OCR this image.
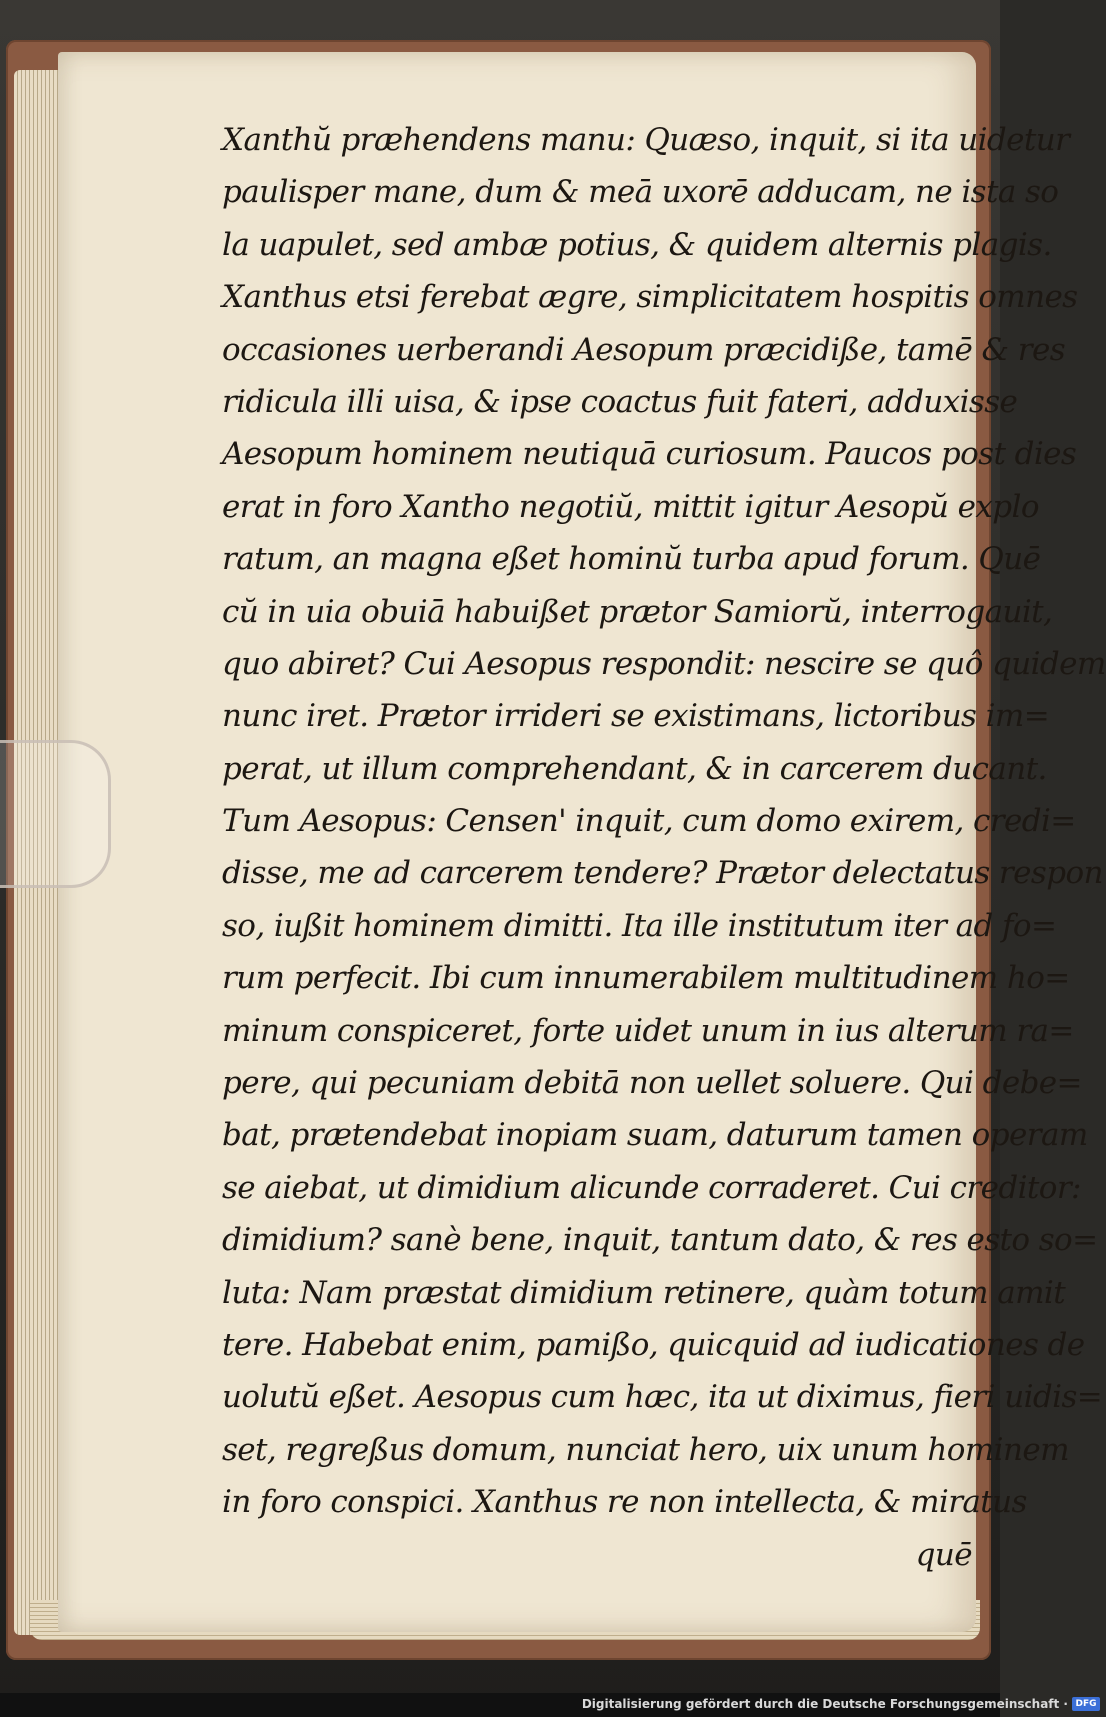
Xanthŭ præhendens manu: Quæso, inquit, si ita uidetur
paulisper mane, dum & meā uxorē adducam, ne ista so
la uapulet, sed ambæ potius, & quidem alternis plagis.
Xanthus etsi ferebat ægre, simplicitatem hospitis omnes
occasiones uerberandi Aesopum præcidiße, tamē & res
ridicula illi uisa, & ipse coactus fuit fateri, adduxisse
Aesopum hominem neutiquā curiosum. Paucos post dies
erat in foro Xantho negotiŭ, mittit igitur Aesopŭ explo
ratum, an magna eßet hominŭ turba apud forum. Quē
cŭ in uia obuiā habuißet prætor Samiorŭ, interrogauit,
quo abiret? Cui Aesopus respondit: nescire se quô quidem
nunc iret. Prætor irrideri se existimans, lictoribus im=
perat, ut illum comprehendant, & in carcerem ducant.
Tum Aesopus: Censen' inquit, cum domo exirem, credi=
disse, me ad carcerem tendere? Prætor delectatus respon
so, iußit hominem dimitti. Ita ille institutum iter ad fo=
rum perfecit. Ibi cum innumerabilem multitudinem ho=
minum conspiceret, forte uidet unum in ius alterum ra=
pere, qui pecuniam debitā non uellet soluere. Qui debe=
bat, prætendebat inopiam suam, daturum tamen operam
se aiebat, ut dimidium alicunde corraderet. Cui creditor:
dimidium? sanè bene, inquit, tantum dato, & res esto so=
luta: Nam præstat dimidium retinere, quàm totum amit
tere. Habebat enim, pamißo, quicquid ad iudicationes de
uolutŭ eßet. Aesopus cum hæc, ita ut diximus, fieri uidis=
set, regreßus domum, nunciat hero, uix unum hominem
in foro conspici. Xanthus re non intellecta, & miratus
quē
Digitalisierung gefördert durch die Deutsche Forschungsgemeinschaft · DFG
